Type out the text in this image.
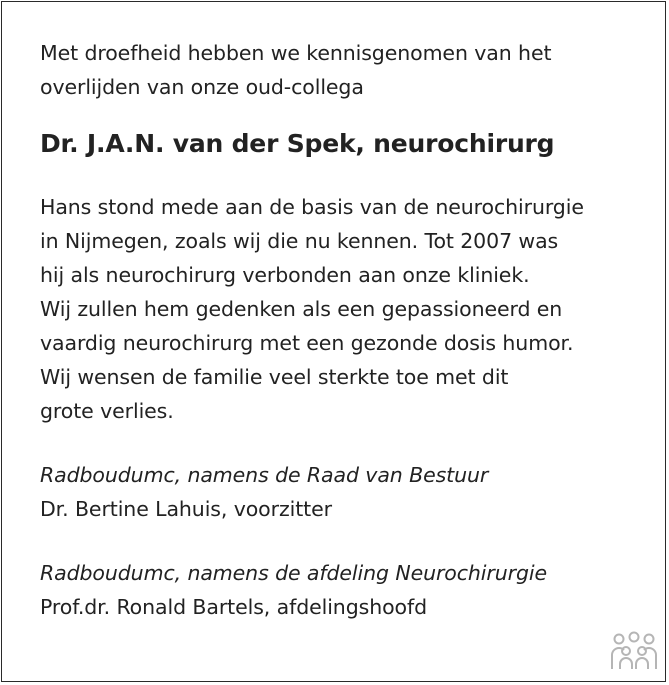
Met droefheid hebben we kennisgenomen van het
overlijden van onze oud-collega

Dr. J.A.N. van der Spek, neurochirurg

Hans stond mede aan de basis van de neurochirurgie
in Nijmegen, zoals wij die nu kennen. Tot 2007 was
hij als neurochirurg verbonden aan onze kliniek.
Wij zullen hem gedenken als een gepassioneerd en
vaardig neurochirurg met een gezonde dosis humor.
Wij wensen de familie veel sterkte toe met dit
grote verlies.

Radboudumc, namens de Raad van Bestuur

Dr. Bertine Lahuis, voorzitter

Radboudumc, namens de afdeling Neurochirurgie

Prof.dr. Ronald Bartels, afdelingshoofd
